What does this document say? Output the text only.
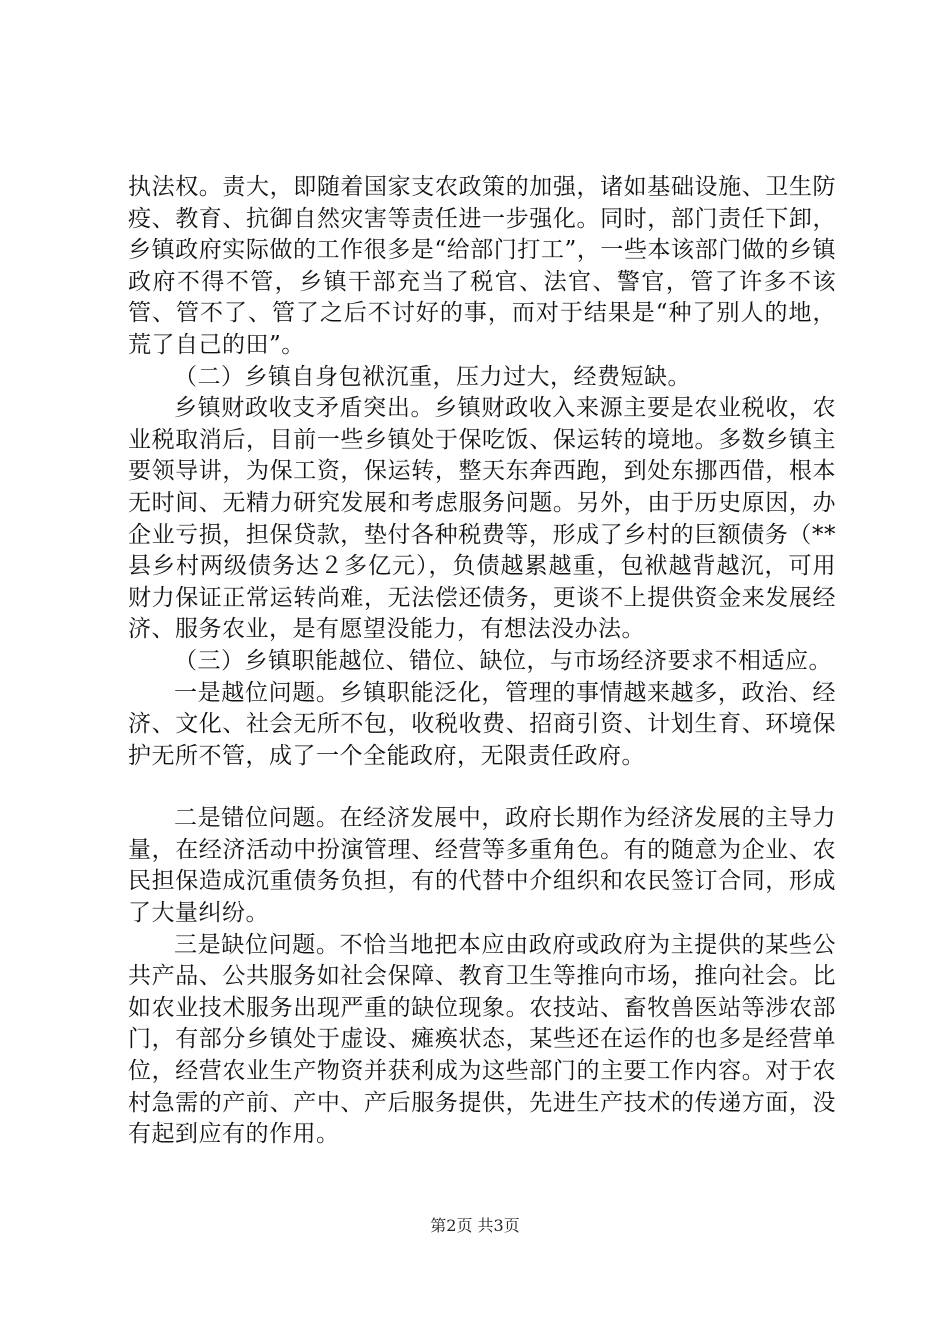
执法权。责大，即随着国家支农政策的加强，诸如基础设施、卫生防疫、教育、抗御自然灾害等责任进一步强化。同时，部门责任下卸，乡镇政府实际做的工作很多是“给部门打工”，一些本该部门做的乡镇政府不得不管，乡镇干部充当了税官、法官、警官，管了许多不该管、管不了、管了之后不讨好的事，而对于结果是“种了别人的地，荒了自己的田”。

（二）乡镇自身包袱沉重，压力过大，经费短缺。

乡镇财政收支矛盾突出。乡镇财政收入来源主要是农业税收，农业税取消后，目前一些乡镇处于保吃饭、保运转的境地。多数乡镇主要领导讲，为保工资，保运转，整天东奔西跑，到处东挪西借，根本无时间、无精力研究发展和考虑服务问题。另外，由于历史原因，办企业亏损，担保贷款，垫付各种税费等，形成了乡村的巨额债务（**县乡村两级债务达２多亿元），负债越累越重，包袱越背越沉，可用财力保证正常运转尚难，无法偿还债务，更谈不上提供资金来发展经济、服务农业，是有愿望没能力，有想法没办法。

（三）乡镇职能越位、错位、缺位，与市场经济要求不相适应。

一是越位问题。乡镇职能泛化，管理的事情越来越多，政治、经济、文化、社会无所不包，收税收费、招商引资、计划生育、环境保护无所不管，成了一个全能政府，无限责任政府。

二是错位问题。在经济发展中，政府长期作为经济发展的主导力量，在经济活动中扮演管理、经营等多重角色。有的随意为企业、农民担保造成沉重债务负担，有的代替中介组织和农民签订合同，形成了大量纠纷。

三是缺位问题。不恰当地把本应由政府或政府为主提供的某些公共产品、公共服务如社会保障、教育卫生等推向市场，推向社会。比如农业技术服务出现严重的缺位现象。农技站、畜牧兽医站等涉农部门，有部分乡镇处于虚设、瘫痪状态，某些还在运作的也多是经营单位，经营农业生产物资并获利成为这些部门的主要工作内容。对于农村急需的产前、产中、产后服务提供，先进生产技术的传递方面，没有起到应有的作用。

第2页 共3页
